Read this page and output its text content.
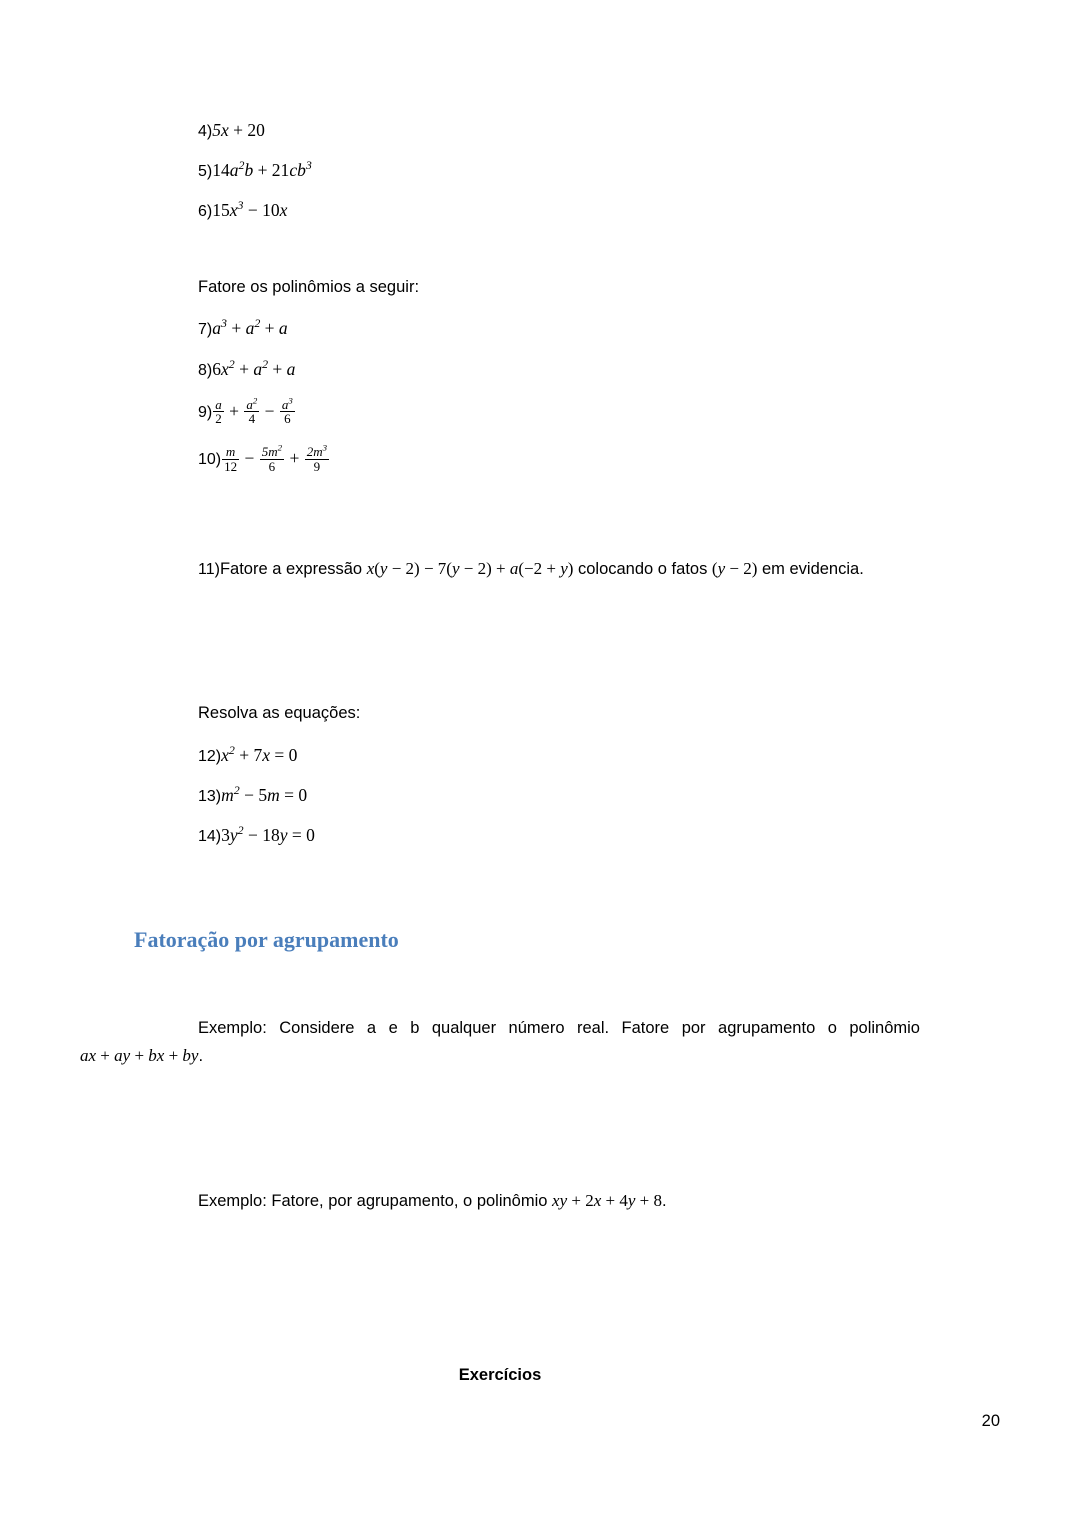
4)5x + 20
$5)14a^2b + 21cb^3$
$6)15x^3 - 10x$
Fatore os polinômios a seguir:
$7)a^3 + a^2 + a$
$8)6x^2 + a^2 + a$
$9) \frac{a}{2} + \frac{a^2}{4} - \frac{a^3}{6}$
$10) \frac{m}{12} - \frac{5m^2}{6} + \frac{2m^3}{9}$
11)Fatore a expressão x(y − 2) − 7(y − 2) + a(−2 + y) colocando o fatos (y − 2) em evidencia.
Resolva as equações:
$12)x^2 + 7x = 0$
$13)m^2 - 5m = 0$
$14)3y^2 - 18y = 0$
Fatoração por agrupamento
Exemplo: Considere a e b qualquer número real. Fatore por agrupamento o polinômio ax + ay + bx + by.
Exemplo: Fatore, por agrupamento, o polinômio xy + 2x + 4y + 8.
Exercícios
20
